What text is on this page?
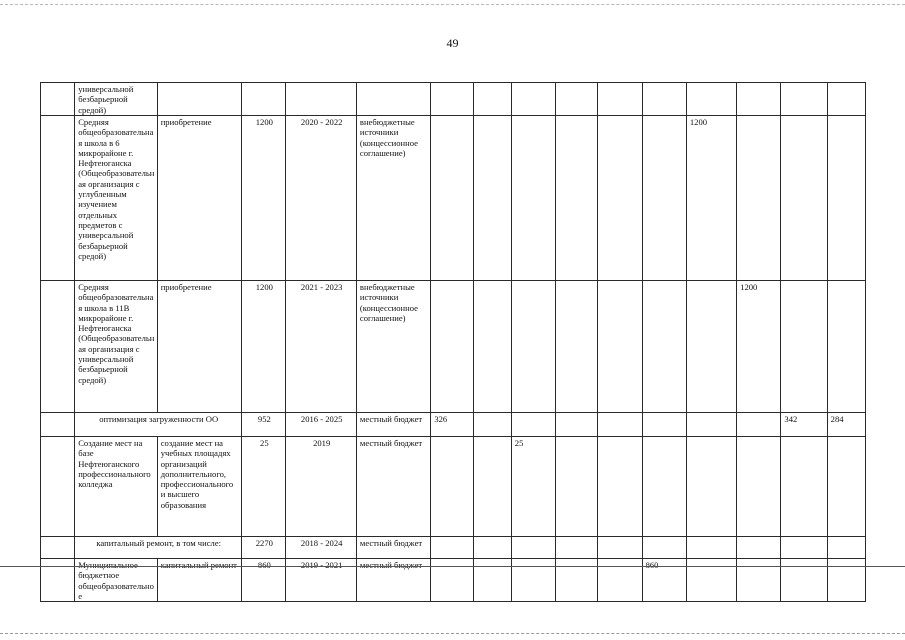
49
	универсальной безбарьерной средой)														
	Средняя общеобразовательная школа в 6 микрорайоне г. Нефтеюганска (Общеобразовательная организация с углубленным изучением отдельных предметов с универсальной безбарьерной средой)	приобретение	1200	2020 - 2022	внебюджетные источники (концессионное соглашение)							1200			
	Средняя общеобразовательная школа в 11В микрорайоне г. Нефтеюганска (Общеобразовательная организация с универсальной безбарьерной средой)	приобретение	1200	2021 - 2023	внебюджетные источники (концессионное соглашение)								1200		
	оптимизация загруженности ОО		952	2016 - 2025	местный бюджет	326								342	284
	Создание мест на базе Нефтеюганского профессионального колледжа	создание мест на учебных площадях организаций дополнительного, профессионального и высшего образования	25	2019	местный бюджет			25							
	капитальный ремонт, в том числе:		2270	2018 - 2024	местный бюджет										
	Муниципальное бюджетное общеобразовательное	капитальный ремонт	860	2019 - 2021	местный бюджет						860				
